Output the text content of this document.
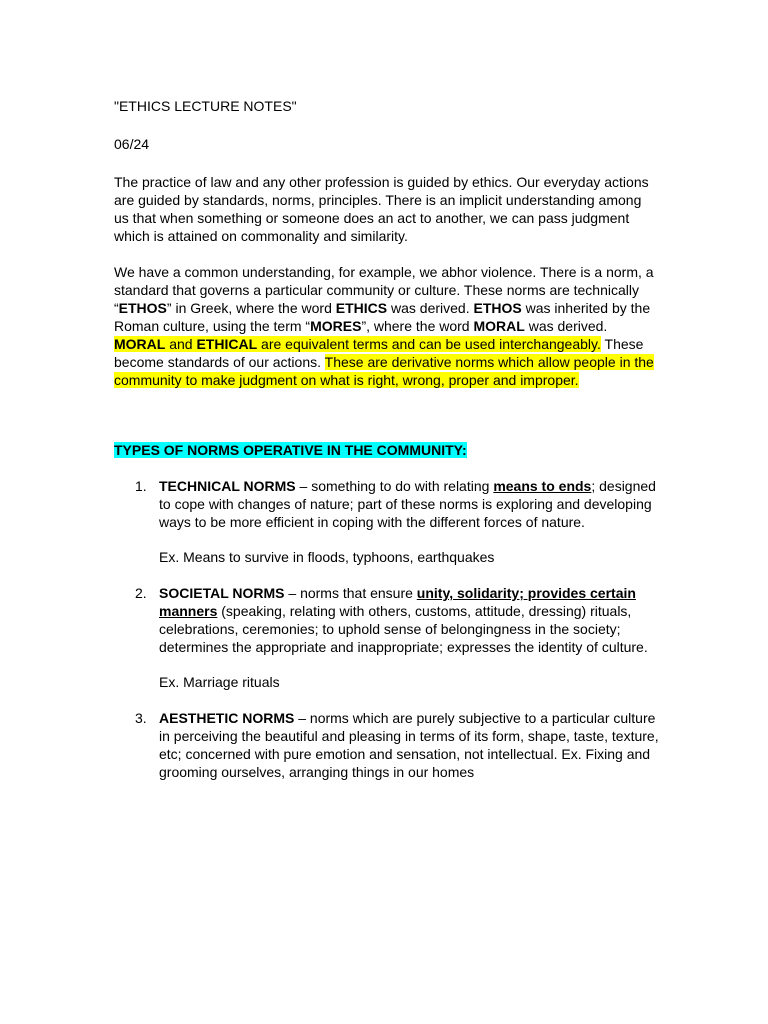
"ETHICS LECTURE NOTES"

06/24

The practice of law and any other profession is guided by ethics. Our everyday actions are guided by standards, norms, principles. There is an implicit understanding among us that when something or someone does an act to another, we can pass judgment which is attained on commonality and similarity.

We have a common understanding, for example, we abhor violence. There is a norm, a standard that governs a particular community or culture. These norms are technically “ETHOS” in Greek, where the word ETHICS was derived. ETHOS was inherited by the Roman culture, using the term “MORES”, where the word MORAL was derived. MORAL and ETHICAL are equivalent terms and can be used interchangeably. These become standards of our actions. These are derivative norms which allow people in the community to make judgment on what is right, wrong, proper and improper.

TYPES OF NORMS OPERATIVE IN THE COMMUNITY:

1. TECHNICAL NORMS – something to do with relating means to ends; designed to cope with changes of nature; part of these norms is exploring and developing ways to be more efficient in coping with the different forces of nature.

Ex. Means to survive in floods, typhoons, earthquakes

2. SOCIETAL NORMS – norms that ensure unity, solidarity; provides certain manners (speaking, relating with others, customs, attitude, dressing) rituals, celebrations, ceremonies; to uphold sense of belongingness in the society; determines the appropriate and inappropriate; expresses the identity of culture.

Ex. Marriage rituals

3. AESTHETIC NORMS – norms which are purely subjective to a particular culture in perceiving the beautiful and pleasing in terms of its form, shape, taste, texture, etc; concerned with pure emotion and sensation, not intellectual. Ex. Fixing and grooming ourselves, arranging things in our homes
